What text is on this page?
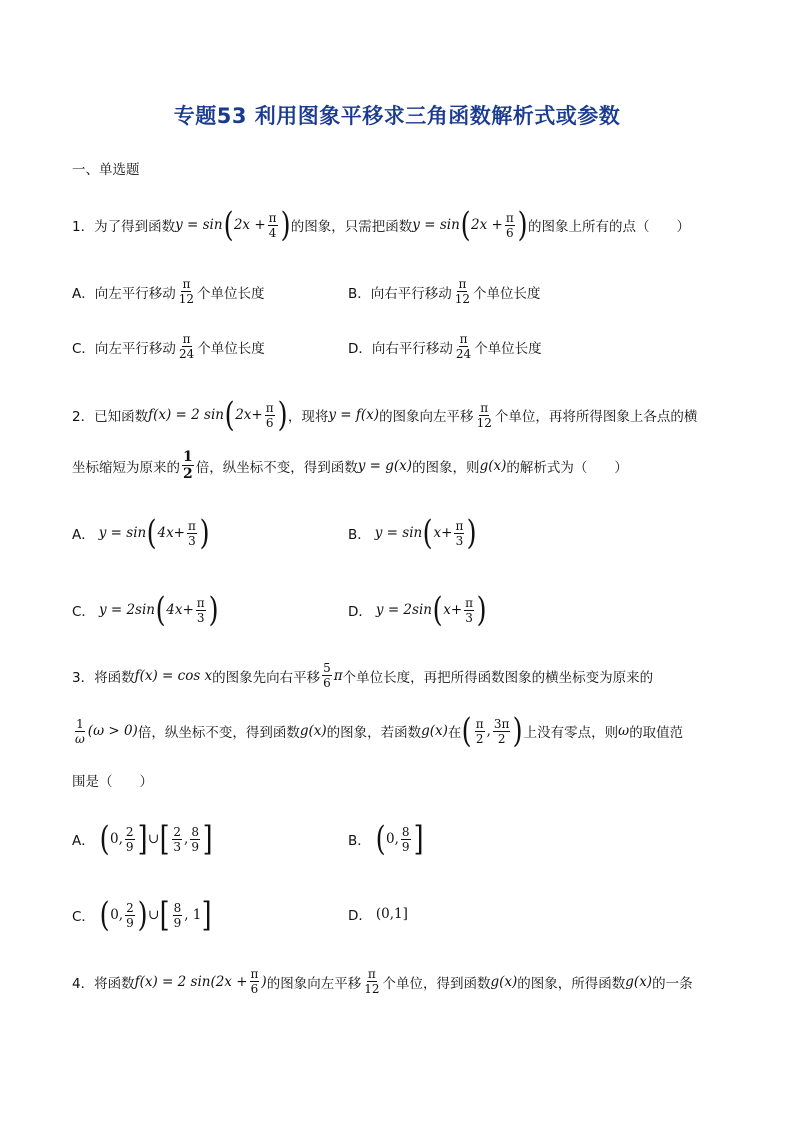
专题53 利用图象平移求三角函数解析式或参数
一、单选题
1． 为了得到函数 y = sin ( $2x + \frac{\pi}{4}$ ) 的图象，只需把函数 y = sin ( $2x + \frac{\pi}{6}$ ) 的图象上所有的点（　　）
A．向左平行移动 $\frac{\pi}{12}$ 个单位长度	B．向右平行移动 $\frac{\pi}{12}$ 个单位长度
C．向左平行移动 $\frac{\pi}{24}$ 个单位长度	D．向右平行移动 $\frac{\pi}{24}$ 个单位长度
2． 已知函数 f(x) = 2 sin ( $2x+ \frac{\pi}{6}$ ) ，现将 y = f(x) 的图象向左平移 $\frac{\pi}{12}$ 个单位，再将所得图象上各点的横
坐标缩短为原来的 $\frac{1}{2}$ 倍，纵坐标不变，得到函数 y = g(x) 的图象，则 g(x) 的解析式为（　　）
A． y = sin ( $4x+ \frac{\pi}{3}$ )	B． y = sin ( $x+ \frac{\pi}{3}$ )
C． y = 2sin ( $4x+ \frac{\pi}{3}$ )	D． y = 2sin ( $x+ \frac{\pi}{3}$ )
3． 将函数 f(x) = cos x 的图象先向右平移 $\frac{5}{6}$ π 个单位长度，再把所得函数图象的横坐标变为原来的
$\frac{1}{\omega} (\omega > 0)$ 倍，纵坐标不变，得到函数 g(x) 的图象，若函数 g(x) 在 ( $\frac{\pi}{2}$ , $\frac{3\pi}{2}$ ) 上没有零点，则 ω 的取值范
围是（　　）
A． ( 0, $\frac{2}{9}$ ] ∪ [ $\frac{2}{3}$ , $\frac{8}{9}$ ]	B． ( 0, $\frac{8}{9}$ ]
C． ( 0, $\frac{2}{9}$ ) ∪ [ $\frac{8}{9}$ , 1 ]	D． (0,1]
4． 将函数 f(x) = 2 $\sin(2x + \frac{\pi}{6}$ ) 的图象向左平移 $\frac{\pi}{12}$ 个单位，得到函数 g(x) 的图象，所得函数 g(x) 的一条
